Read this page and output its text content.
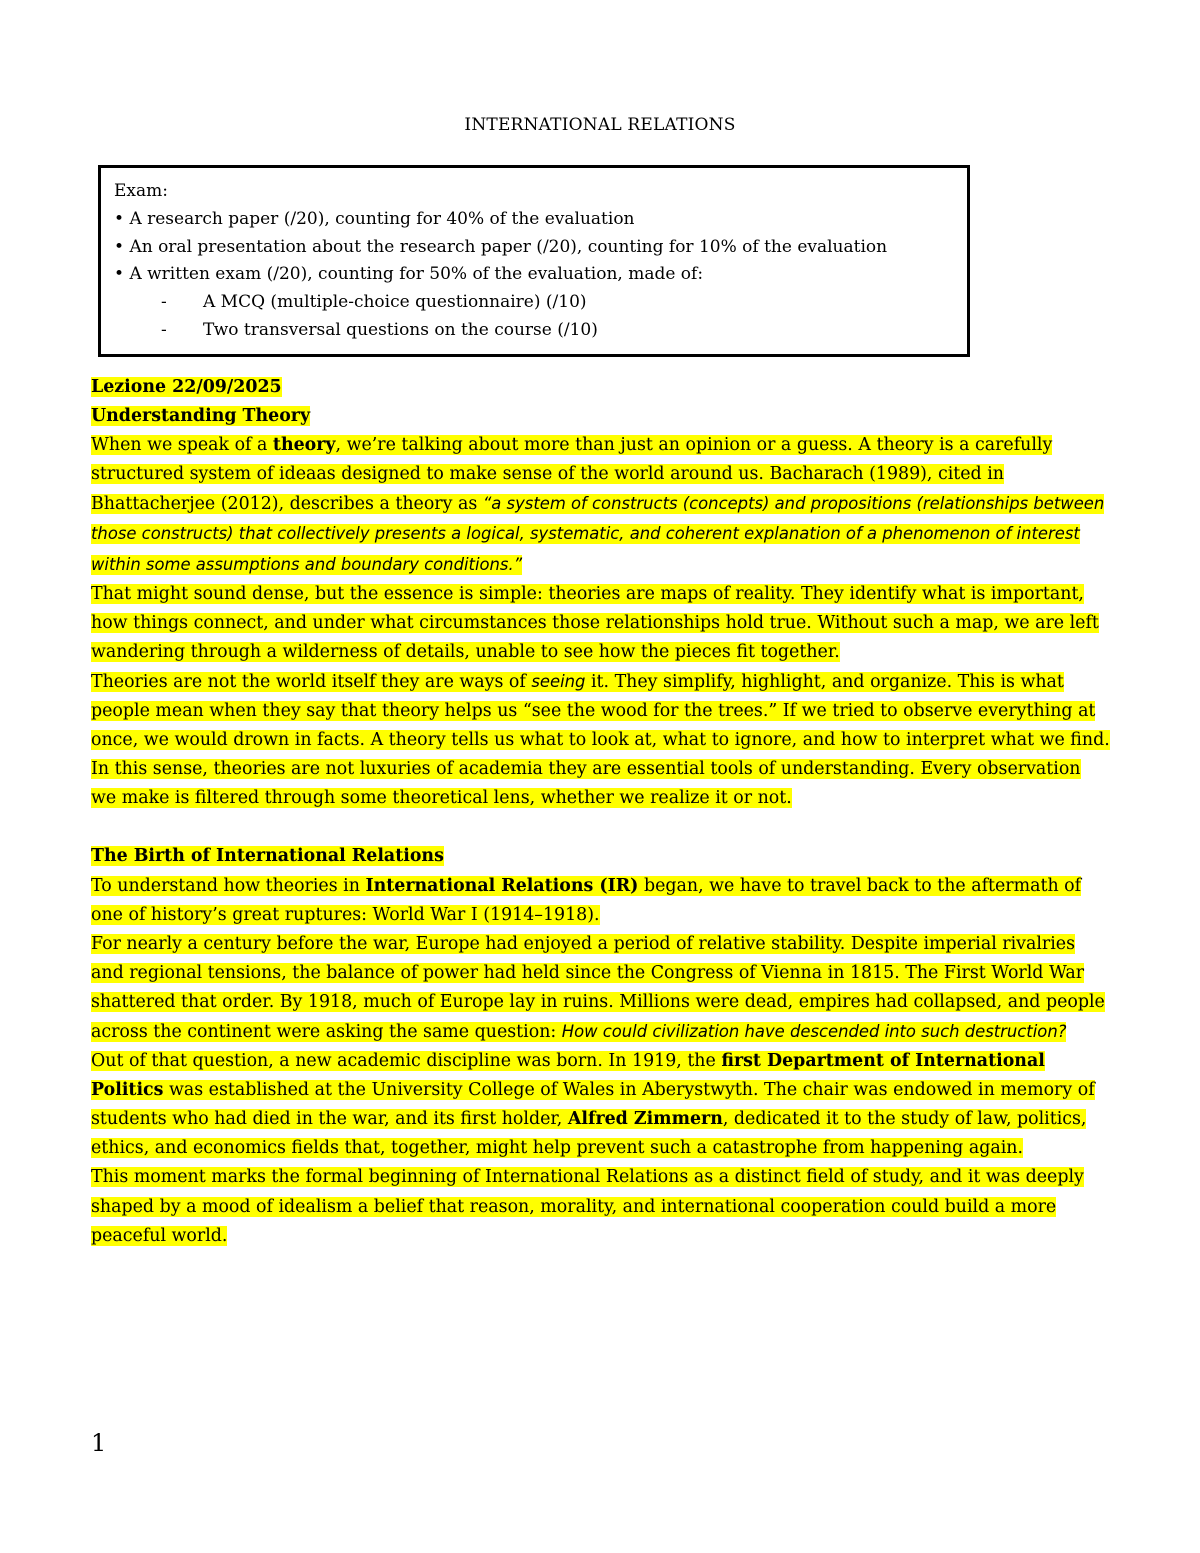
INTERNATIONAL RELATIONS
Exam:
• A research paper (/20), counting for 40% of the evaluation
• An oral presentation about the research paper (/20), counting for 10% of the evaluation
• A written exam (/20), counting for 50% of the evaluation, made of:
- A MCQ (multiple-choice questionnaire) (/10)
- Two transversal questions on the course (/10)

Lezione 22/09/2025

Understanding Theory

When we speak of a theory, we’re talking about more than just an opinion or a guess. A theory is a carefully structured system of ideaas designed to make sense of the world around us. Bacharach (1989), cited in Bhattacherjee (2012), describes a theory as “a system of constructs (concepts) and propositions (relationships between those constructs) that collectively presents a logical, systematic, and coherent explanation of a phenomenon of interest within some assumptions and boundary conditions.”

That might sound dense, but the essence is simple: theories are maps of reality. They identify what is important, how things connect, and under what circumstances those relationships hold true. Without such a map, we are left wandering through a wilderness of details, unable to see how the pieces fit together.

Theories are not the world itself they are ways of seeing it. They simplify, highlight, and organize. This is what people mean when they say that theory helps us “see the wood for the trees.” If we tried to observe everything at once, we would drown in facts. A theory tells us what to look at, what to ignore, and how to interpret what we find.

In this sense, theories are not luxuries of academia they are essential tools of understanding. Every observation we make is filtered through some theoretical lens, whether we realize it or not.

The Birth of International Relations

To understand how theories in International Relations (IR) began, we have to travel back to the aftermath of one of history’s great ruptures: World War I (1914–1918).

For nearly a century before the war, Europe had enjoyed a period of relative stability. Despite imperial rivalries and regional tensions, the balance of power had held since the Congress of Vienna in 1815. The First World War shattered that order. By 1918, much of Europe lay in ruins. Millions were dead, empires had collapsed, and people across the continent were asking the same question: How could civilization have descended into such destruction?

Out of that question, a new academic discipline was born. In 1919, the first Department of International Politics was established at the University College of Wales in Aberystwyth. The chair was endowed in memory of students who had died in the war, and its first holder, Alfred Zimmern, dedicated it to the study of law, politics, ethics, and economics fields that, together, might help prevent such a catastrophe from happening again.

This moment marks the formal beginning of International Relations as a distinct field of study, and it was deeply shaped by a mood of idealism a belief that reason, morality, and international cooperation could build a more peaceful world.

1
